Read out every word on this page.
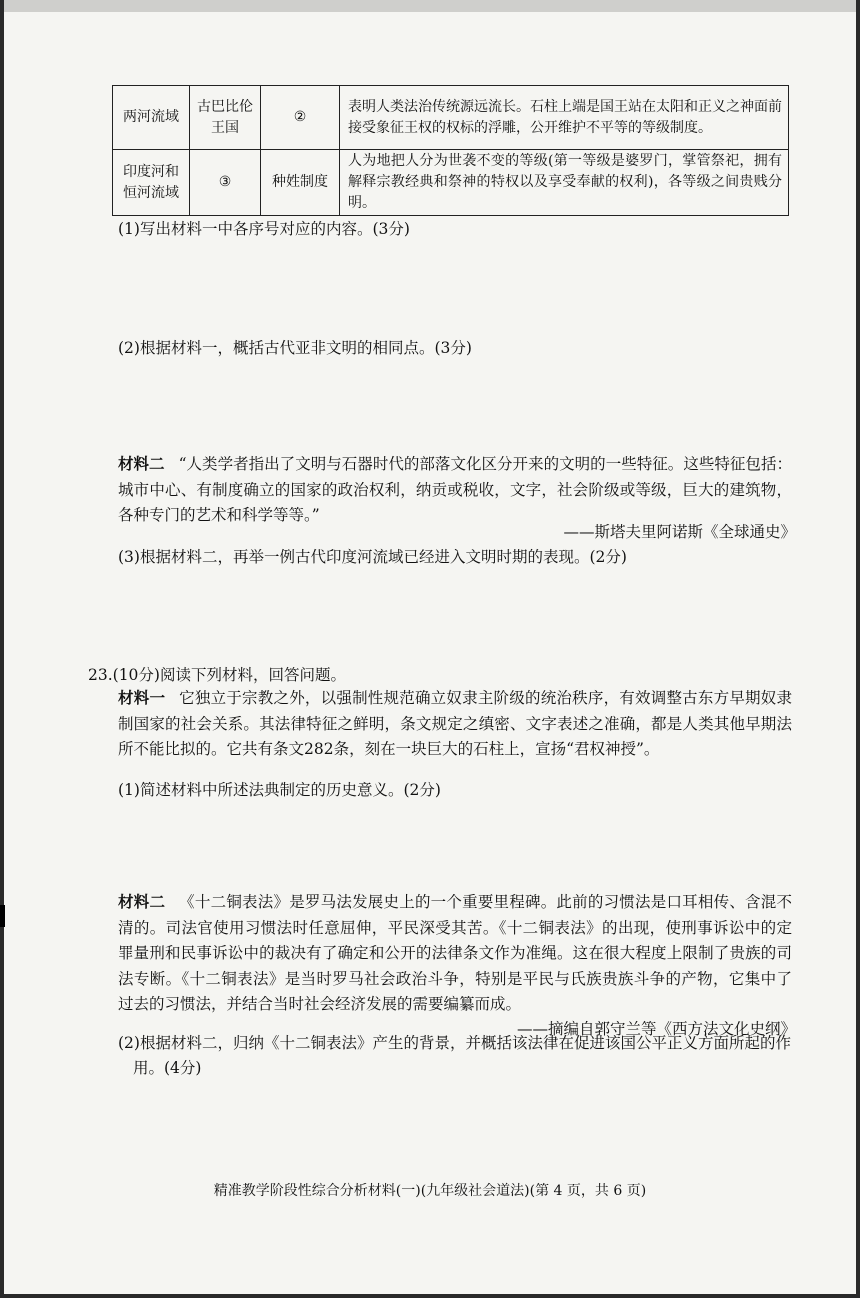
两河流域	古巴比伦王国	②	表明人类法治传统源远流长。石柱上端是国王站在太阳和正义之神面前接受象征王权的权标的浮雕，公开维护不平等的等级制度。
印度河和恒河流域	③	种姓制度	人为地把人分为世袭不变的等级(第一等级是婆罗门，掌管祭祀，拥有解释宗教经典和祭神的特权以及享受奉献的权利)，各等级之间贵贱分明。
(1)写出材料一中各序号对应的内容。(3分)
(2)根据材料一，概括古代亚非文明的相同点。(3分)
材料二 “人类学者指出了文明与石器时代的部落文化区分开来的文明的一些特征。这些特征包括：城市中心、有制度确立的国家的政治权利，纳贡或税收，文字，社会阶级或等级，巨大的建筑物，各种专门的艺术和科学等等。”
——斯塔夫里阿诺斯《全球通史》
(3)根据材料二，再举一例古代印度河流域已经进入文明时期的表现。(2分)
23.(10分)阅读下列材料，回答问题。
材料一 它独立于宗教之外，以强制性规范确立奴隶主阶级的统治秩序，有效调整古东方早期奴隶制国家的社会关系。其法律特征之鲜明，条文规定之缜密、文字表述之准确，都是人类其他早期法所不能比拟的。它共有条文282条，刻在一块巨大的石柱上，宣扬“君权神授”。
(1)简述材料中所述法典制定的历史意义。(2分)
材料二 《十二铜表法》是罗马法发展史上的一个重要里程碑。此前的习惯法是口耳相传、含混不清的。司法官使用习惯法时任意屈伸，平民深受其苦。《十二铜表法》的出现，使刑事诉讼中的定罪量刑和民事诉讼中的裁决有了确定和公开的法律条文作为准绳。这在很大程度上限制了贵族的司法专断。《十二铜表法》是当时罗马社会政治斗争，特别是平民与氏族贵族斗争的产物，它集中了过去的习惯法，并结合当时社会经济发展的需要编纂而成。
——摘编自郭守兰等《西方法文化史纲》
(2)根据材料二，归纳《十二铜表法》产生的背景，并概括该法律在促进该国公平正义方面所起的作用。(4分)
精准教学阶段性综合分析材料(一)(九年级社会道法)(第 4 页，共 6 页)
